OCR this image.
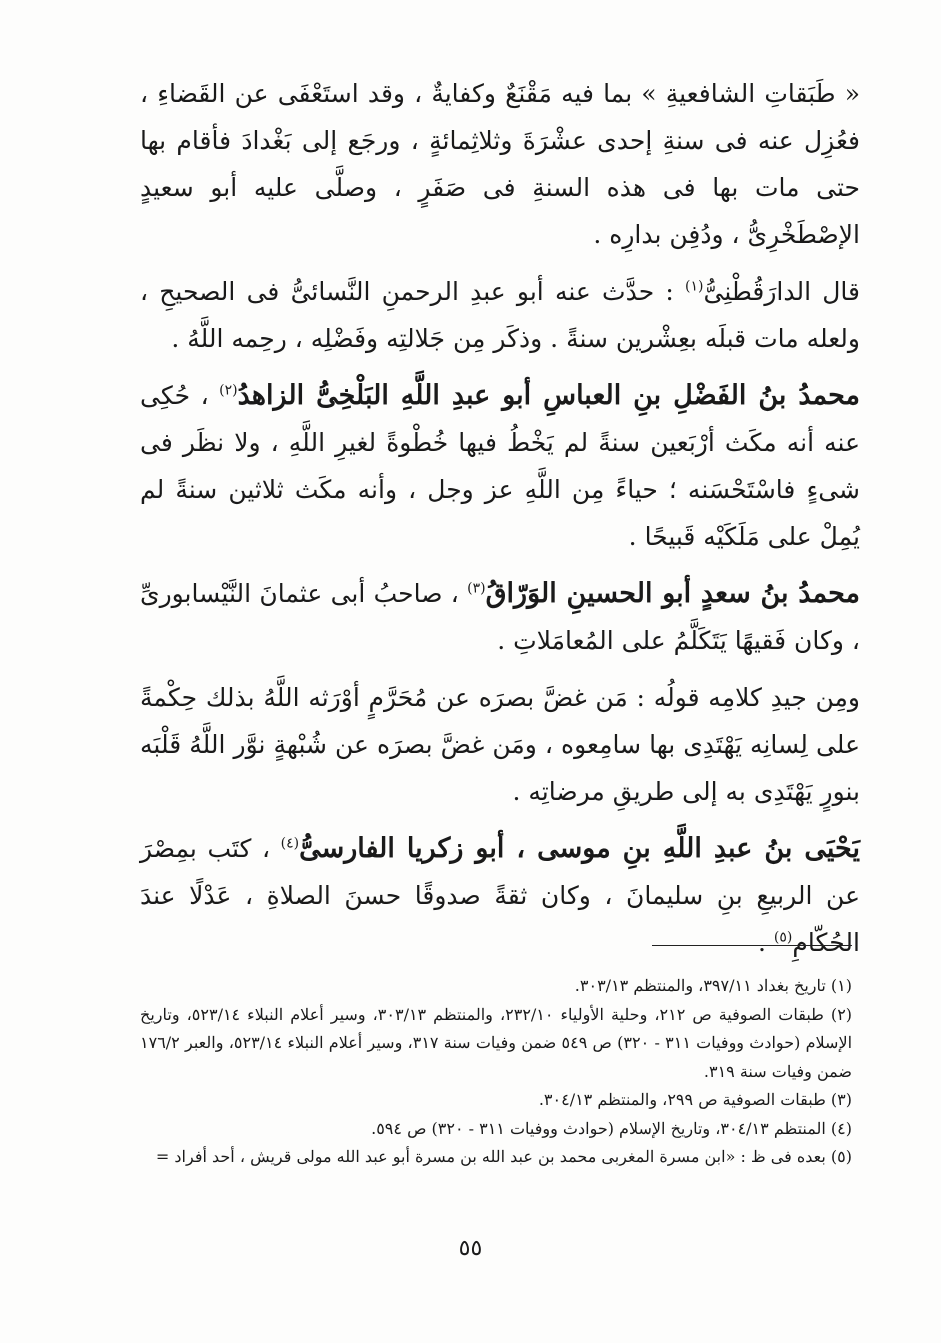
« طَبَقاتِ الشافعيةِ » بما فيه مَقْنَعٌ وكفايةٌ ، وقد استَعْفَى عن القَضاءِ ، فعُزِل عنه فى سنةِ إحدى عشْرَةَ وثلاثِمائةٍ ، ورجَع إلى بَغْدادَ فأقام بها حتى مات بها فى هذه السنةِ فى صَفَرٍ ، وصلَّى عليه أبو سعيدٍ الإصْطَخْرِىُّ ، ودُفِن بدارِه .

قال الدارَقُطْنِىُّ$^{(١)}$ : حدَّث عنه أبو عبدِ الرحمنِ النَّسائىُّ فى الصحيحِ ، ولعله مات قبلَه بعِشْرين سنةً . وذكَر مِن جَلالتِه وفَضْلِه ، رحِمه اللَّهُ .

محمدُ بنُ الفَضْلِ بنِ العباسِ أبو عبدِ اللَّهِ البَلْخِىُّ الزاهدُ$^{(٢)}$ ، حُكِى عنه أنه مكَث أرْبَعين سنةً لم يَخْطُ فيها خُطْوةً لغيرِ اللَّهِ ، ولا نظَر فى شىءٍ فاسْتَحْسَنه ؛ حياءً مِن اللَّهِ عز وجل ، وأنه مكَث ثلاثين سنةً لم يُمِلْ على مَلَكَيْه قَبيحًا .

محمدُ بنُ سعدٍ أبو الحسينِ الوَرّاقُ$^{(٣)}$ ، صاحبُ أبى عثمانَ النَّيْسابورىِّ ، وكان فَقيهًا يَتَكَلَّمُ على المُعامَلاتِ .

ومِن جيدِ كلامِه قولُه : مَن غضَّ بصرَه عن مُحَرَّمٍ أوْرَثه اللَّهُ بذلك حِكْمةً على لِسانِه يَهْتَدِى بها سامِعوه ، ومَن غضَّ بصرَه عن شُبْهةٍ نوَّر اللَّهُ قَلْبَه بنورٍ يَهْتَدِى به إلى طريقِ مرضاتِه .

يَحْيَى بنُ عبدِ اللَّهِ بنِ موسى ، أبو زكريا الفارسىُّ$^{(٤)}$ ، كتَب بمِصْرَ عن الربيعِ بنِ سليمانَ ، وكان ثقةً صدوقًا حسنَ الصلاةِ ، عَدْلًا عندَ الحُكّامِ$^{(٥)}$ .

(١) تاريخ بغداد ٣٩٧/١١، والمنتظم ٣٠٣/١٣.

(٢) طبقات الصوفية ص ٢١٢، وحلية الأولياء ٢٣٢/١٠، والمنتظم ٣٠٣/١٣، وسير أعلام النبلاء ٥٢٣/١٤، وتاريخ الإسلام (حوادث ووفيات ٣١١ - ٣٢٠) ص ٥٤٩ ضمن وفيات سنة ٣١٧، وسير أعلام النبلاء ٥٢٣/١٤، والعبر ١٧٦/٢ ضمن وفيات سنة ٣١٩.

(٣) طبقات الصوفية ص ٢٩٩، والمنتظم ٣٠٤/١٣.

(٤) المنتظم ٣٠٤/١٣، وتاريخ الإسلام (حوادث ووفيات ٣١١ - ٣٢٠) ص ٥٩٤.

(٥) بعده فى ظ : «ابن مسرة المغربى محمد بن عبد الله بن مسرة أبو عبد الله مولى قريش ، أحد أفراد =

٥٥
